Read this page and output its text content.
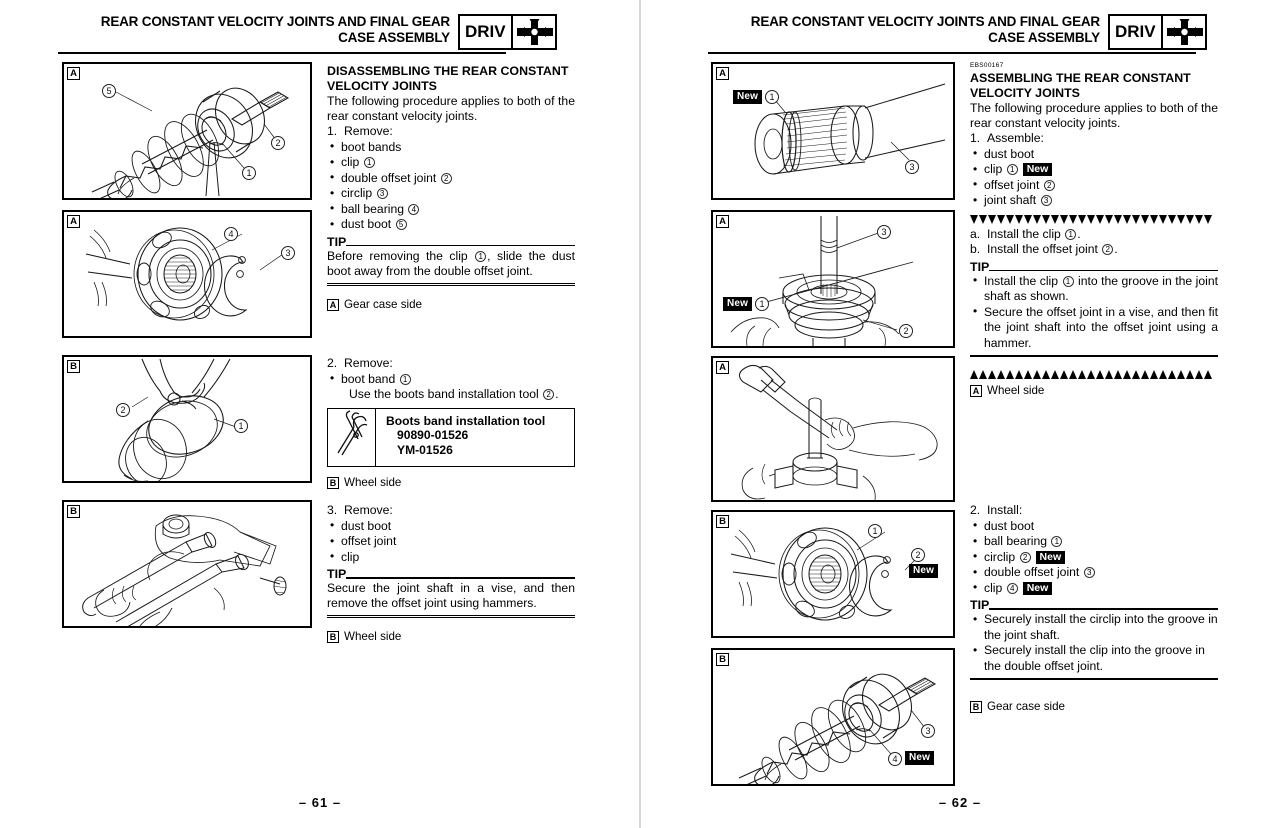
REAR CONSTANT VELOCITY JOINTS AND FINAL GEAR
CASE ASSEMBLY DRIV
A
5
2
1
A
4
3
B
2
1
B
DISASSEMBLING THE REAR CONSTANT
VELOCITY JOINTS

The following procedure applies to both of the rear constant velocity joints.

1. Remove:
• boot bands
• clip 1
• double offset joint 2
• circlip 3
• ball bearing 4
• dust boot 5
TIP

Before removing the clip 1 , slide the dust boot away from the double offset joint.

A Gear case side
2. Remove:
• boot band 1
Use the boots band installation tool 2 .
Boots band installation tool
90890-01526
YM-01526
B Wheel side
3. Remove:
• dust boot
• offset joint
• clip
TIP

Secure the joint shaft in a vise, and then remove the offset joint using hammers.

B Wheel side
– 61 –
REAR CONSTANT VELOCITY JOINTS AND FINAL GEAR
CASE ASSEMBLY DRIV
A
New	1
3
A
3
New	1
2
A
B
1
2
New
B
3
4	New
EBS00167
ASSEMBLING THE REAR CONSTANT
VELOCITY JOINTS

The following procedure applies to both of the rear constant velocity joints.

1. Assemble:
• dust boot
• clip 1 New
• offset joint 2
• joint shaft 3
a. Install the clip 1 .
b. Install the offset joint 2 .
TIP
• Install the clip 1 into the groove in the joint shaft as shown.
• Secure the offset joint in a vise, and then fit the joint shaft into the offset joint using a hammer.
A Wheel side
2. Install:
• dust boot
• ball bearing 1
• circlip 2 New
• double offset joint 3
• clip 4 New
TIP
• Securely install the circlip into the groove in the joint shaft.
• Securely install the clip into the groove in the double offset joint.
B Gear case side
– 62 –
